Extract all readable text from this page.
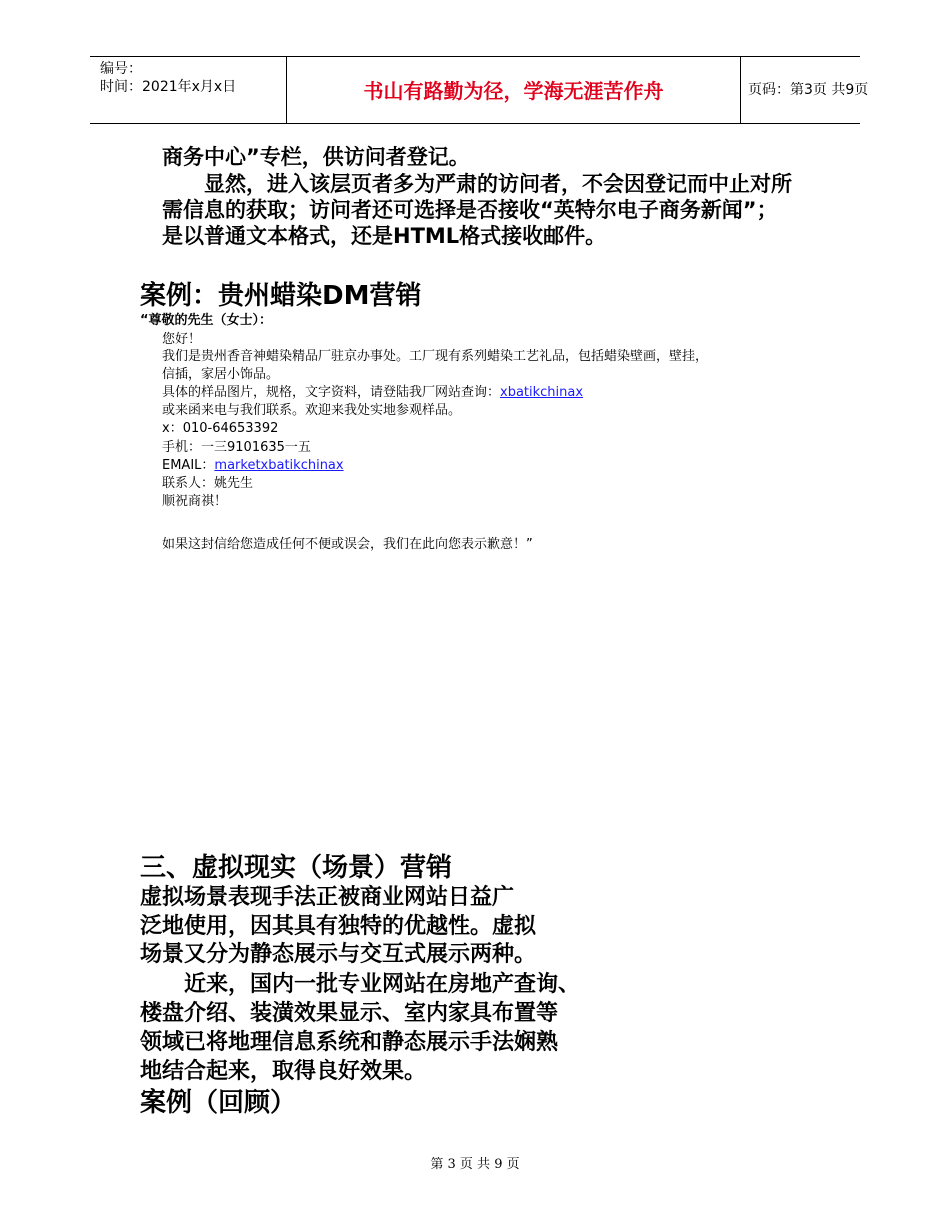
编号：
时间：2021年x月x日	书山有路勤为径，学海无涯苦作舟	页码：第3页 共9页
商务中心”专栏，供访问者登记。
显然，进入该层页者多为严肃的访问者，不会因登记而中止对所
需信息的获取；访问者还可选择是否接收“英特尔电子商务新闻”；
是以普通文本格式，还是HTML格式接收邮件。
案例：贵州蜡染DM营销
“尊敬的先生（女士）：
您好！
我们是贵州香音神蜡染精品厂驻京办事处。工厂现有系列蜡染工艺礼品，包括蜡染壁画，壁挂，
信插，家居小饰品。
具体的样品图片，规格，文字资料，请登陆我厂网站查询：xbatikchinax
或来函来电与我们联系。欢迎来我处实地参观样品。
x：010-64653392
手机：一三9101635一五
EMAIL：marketxbatikchinax
联系人：姚先生
顺祝商祺！
如果这封信给您造成任何不便或误会，我们在此向您表示歉意！”
三、虚拟现实（场景）营销
虚拟场景表现手法正被商业网站日益广
泛地使用，因其具有独特的优越性。虚拟
场景又分为静态展示与交互式展示两种。
近来，国内一批专业网站在房地产查询、
楼盘介绍、装潢效果显示、室内家具布置等
领域已将地理信息系统和静态展示手法娴熟
地结合起来，取得良好效果。
案例（回顾）
第 3 页 共 9 页
